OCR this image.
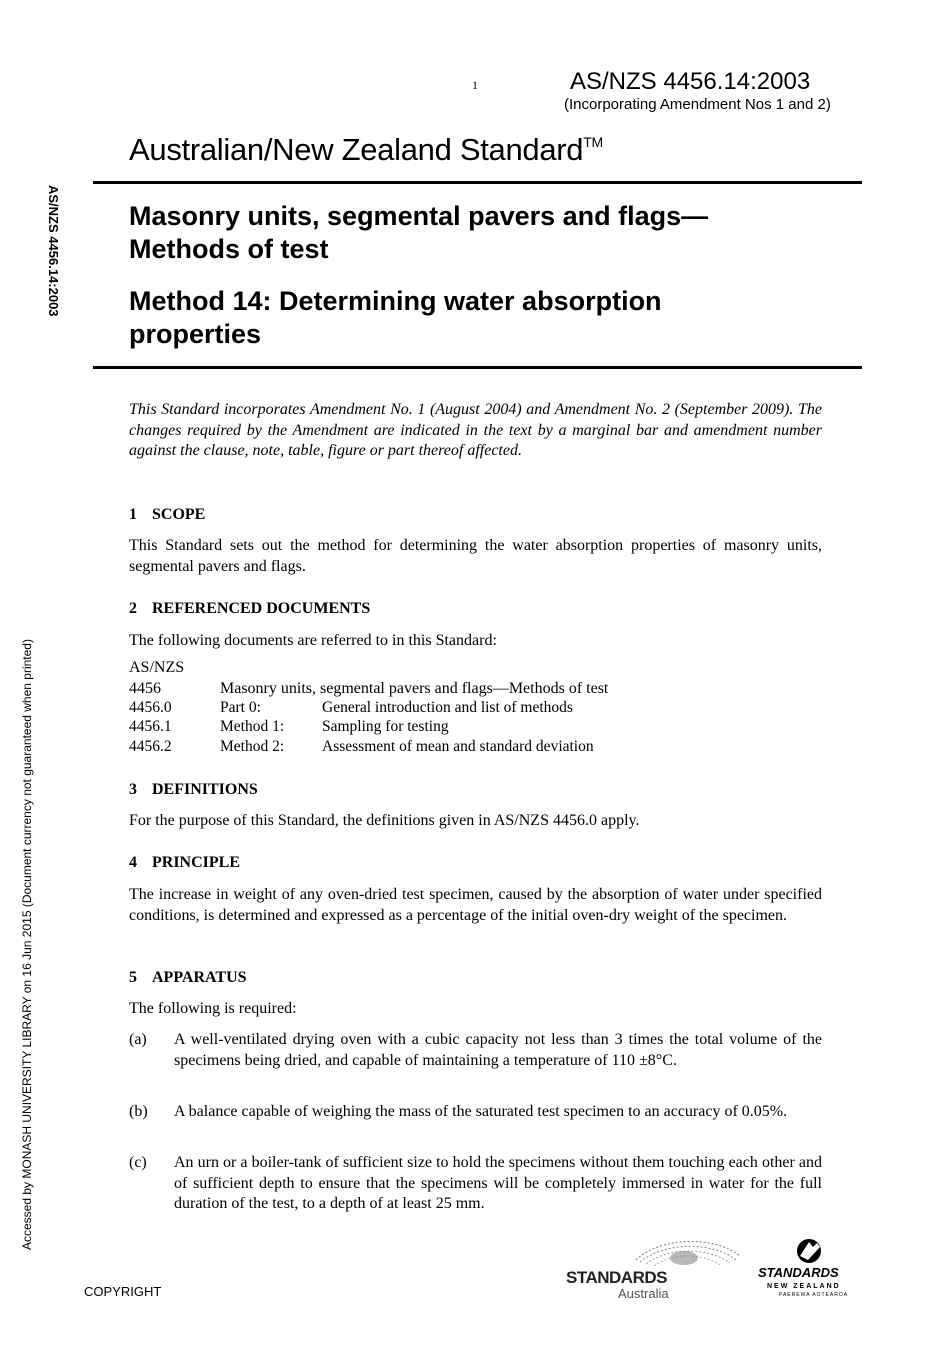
1	AS/NZS 4456.14:2003
(Incorporating Amendment Nos 1 and 2)
Australian/New Zealand Standard™
AS/NZS 4456.14:2003
Accessed by MONASH UNIVERSITY LIBRARY on 16 Jun 2015 (Document currency not guaranteed when printed)
Masonry units, segmental pavers and flags—
Methods of test
Method 14: Determining water absorption
properties
This Standard incorporates Amendment No. 1 (August 2004) and Amendment No. 2 (September 2009). The changes required by the Amendment are indicated in the text by a marginal bar and amendment number against the clause, note, table, figure or part thereof affected.
1 SCOPE
This Standard sets out the method for determining the water absorption properties of masonry units, segmental pavers and flags.
2 REFERENCED DOCUMENTS
The following documents are referred to in this Standard:
AS/NZS
4456	Masonry units, segmental pavers and flags—Methods of test
4456.0	Part 0:	General introduction and list of methods
4456.1	Method 1: Sampling for testing
4456.2	Method 2: Assessment of mean and standard deviation
3 DEFINITIONS
For the purpose of this Standard, the definitions given in AS/NZS 4456.0 apply.
4 PRINCIPLE
The increase in weight of any oven-dried test specimen, caused by the absorption of water under specified conditions, is determined and expressed as a percentage of the initial oven-dry weight of the specimen.
5 APPARATUS
The following is required:
(a) A well-ventilated drying oven with a cubic capacity not less than 3 times the total volume of the specimens being dried, and capable of maintaining a temperature of 110 ±8°C.
(b) A balance capable of weighing the mass of the saturated test specimen to an accuracy of 0.05%.
(c) An urn or a boiler-tank of sufficient size to hold the specimens without them touching each other and of sufficient depth to ensure that the specimens will be completely immersed in water for the full duration of the test, to a depth of at least 25 mm.
COPYRIGHT
STANDARDS
Australia
STANDARDS
NEW ZEALAND
PAEREWA AOTEAROA
